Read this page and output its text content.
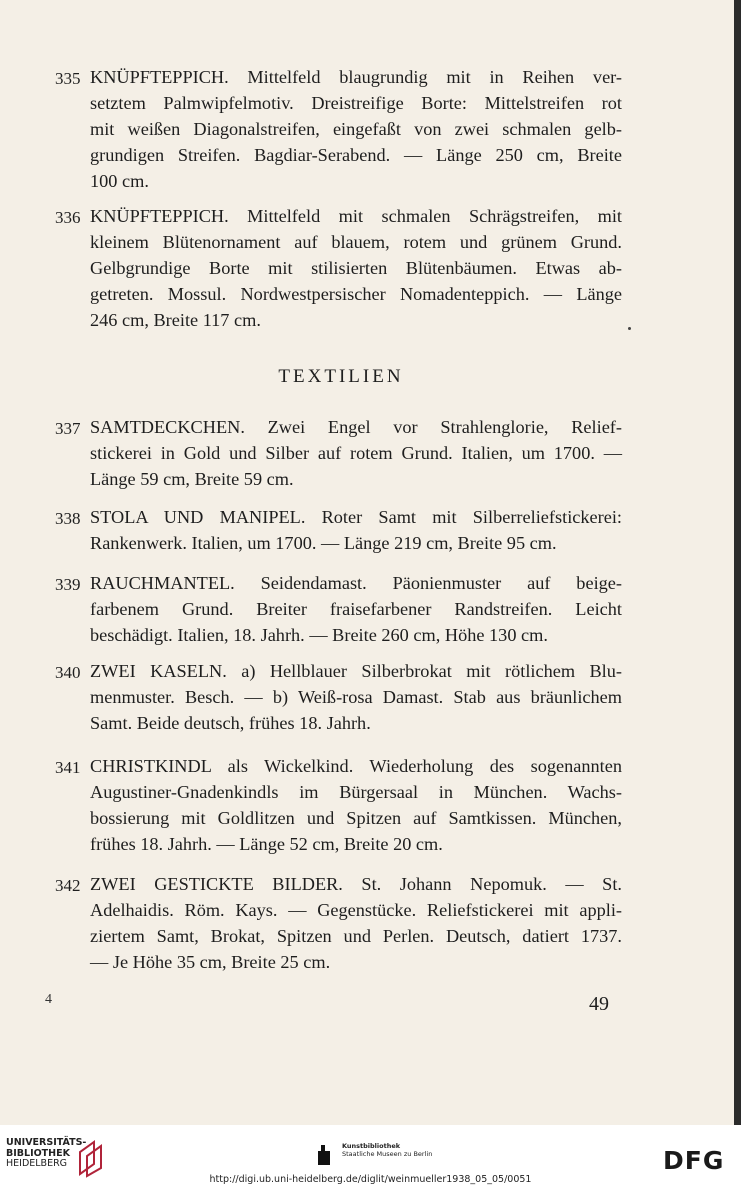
335 KNÜPFTEPPICH. Mittelfeld blaugrundig mit in Reihen ver-
setztem Palmwipfelmotiv. Dreistreifige Borte: Mittelstreifen rot
mit weißen Diagonalstreifen, eingefaßt von zwei schmalen gelb-
grundigen Streifen. Bagdiar-Serabend. — Länge 250 cm, Breite
100 cm.
336 KNÜPFTEPPICH. Mittelfeld mit schmalen Schrägstreifen, mit
kleinem Blütenornament auf blauem, rotem und grünem Grund.
Gelbgrundige Borte mit stilisierten Blütenbäumen. Etwas ab-
getreten. Mossul. Nordwestpersischer Nomadenteppich. — Länge
246 cm, Breite 117 cm.
TEXTILIEN
337 SAMTDECKCHEN. Zwei Engel vor Strahlenglorie, Relief-
stickerei in Gold und Silber auf rotem Grund. Italien, um 1700. —
Länge 59 cm, Breite 59 cm.
338 STOLA UND MANIPEL. Roter Samt mit Silberreliefstickerei:
Rankenwerk. Italien, um 1700. — Länge 219 cm, Breite 95 cm.
339 RAUCHMANTEL. Seidendamast. Päonienmuster auf beige-
farbenem Grund. Breiter fraisefarbener Randstreifen. Leicht
beschädigt. Italien, 18. Jahrh. — Breite 260 cm, Höhe 130 cm.
340 ZWEI KASELN. a) Hellblauer Silberbrokat mit rötlichem Blu-
menmuster. Besch. — b) Weiß-rosa Damast. Stab aus bräunlichem
Samt. Beide deutsch, frühes 18. Jahrh.
341 CHRISTKINDL als Wickelkind. Wiederholung des sogenannten
Augustiner-Gnadenkindls im Bürgersaal in München. Wachs-
bossierung mit Goldlitzen und Spitzen auf Samtkissen. München,
frühes 18. Jahrh. — Länge 52 cm, Breite 20 cm.
342 ZWEI GESTICKTE BILDER. St. Johann Nepomuk. — St.
Adelhaidis. Röm. Kays. — Gegenstücke. Reliefstickerei mit appli-
ziertem Samt, Brokat, Spitzen und Perlen. Deutsch, datiert 1737.
— Je Höhe 35 cm, Breite 25 cm.
4	49
UNIVERSITÄTS-
BIBLIOTHEK
HEIDELBERG
Kunstbibliothek
Staatliche Museen zu Berlin	DFG
http://digi.ub.uni-heidelberg.de/diglit/weinmueller1938_05_05/0051
